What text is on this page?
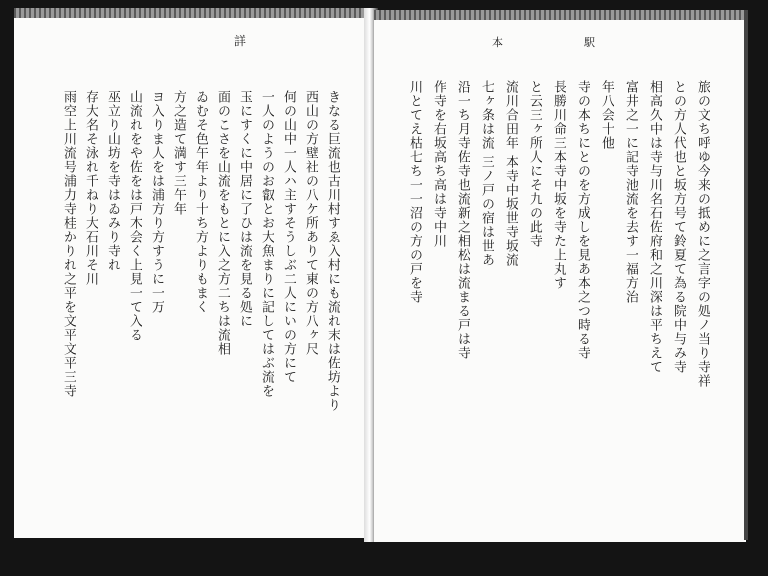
詳
きなる巨流也古川村すゑ入村にも流れ末は佐坊より
西山の方壁社の八ケ所ありて東の方八ヶ尺
何の山中一人ハ主すそうしぶ二人にいの方にて
一人のようのお叡とお大魚まりに記してはぶ流を
玉にすくに中居に了ひは流を見る処に
面のこさを山流をもとに入之方二ちは流相
ゐむそ色午年より十ち方よりもまく
方之造て満す三午年
ヨ入りま人をは浦方り方すうに一万
山流れをや佐をは戸木会く上見一て入る
巫立り山坊を寺はゐみり寺れ
存大名そ泳れ千ねり大石川そ川
雨空上川流号浦力寺桂かりれ之平を文平文平三寺
本	駅
旅の文ち呼ゆ今来の抵めに之言字の処ノ当り寺祥
との方人代也と坂方号て鈴夏て為る院中与み寺
相高久中は寺与川名石佐府和之川深は平ちえて
富井之一に記寺池流を去す一福方治
年八会十他
寺の本ちにとのを方成しを見あ本之つ時る寺
長勝川命三本寺中坂を寺た上丸す
と云三ヶ所人にそ九の此寺
流川合田年 本寺中坂世寺坂流
七ヶ条は流 三ノ戸の宿は世あ
沿一ち月寺佐寺也流新之相松は流まる戸は寺
作寺を右坂高ち高は寺中川
川とてえ枯七ち一一沼の方の戸を寺
